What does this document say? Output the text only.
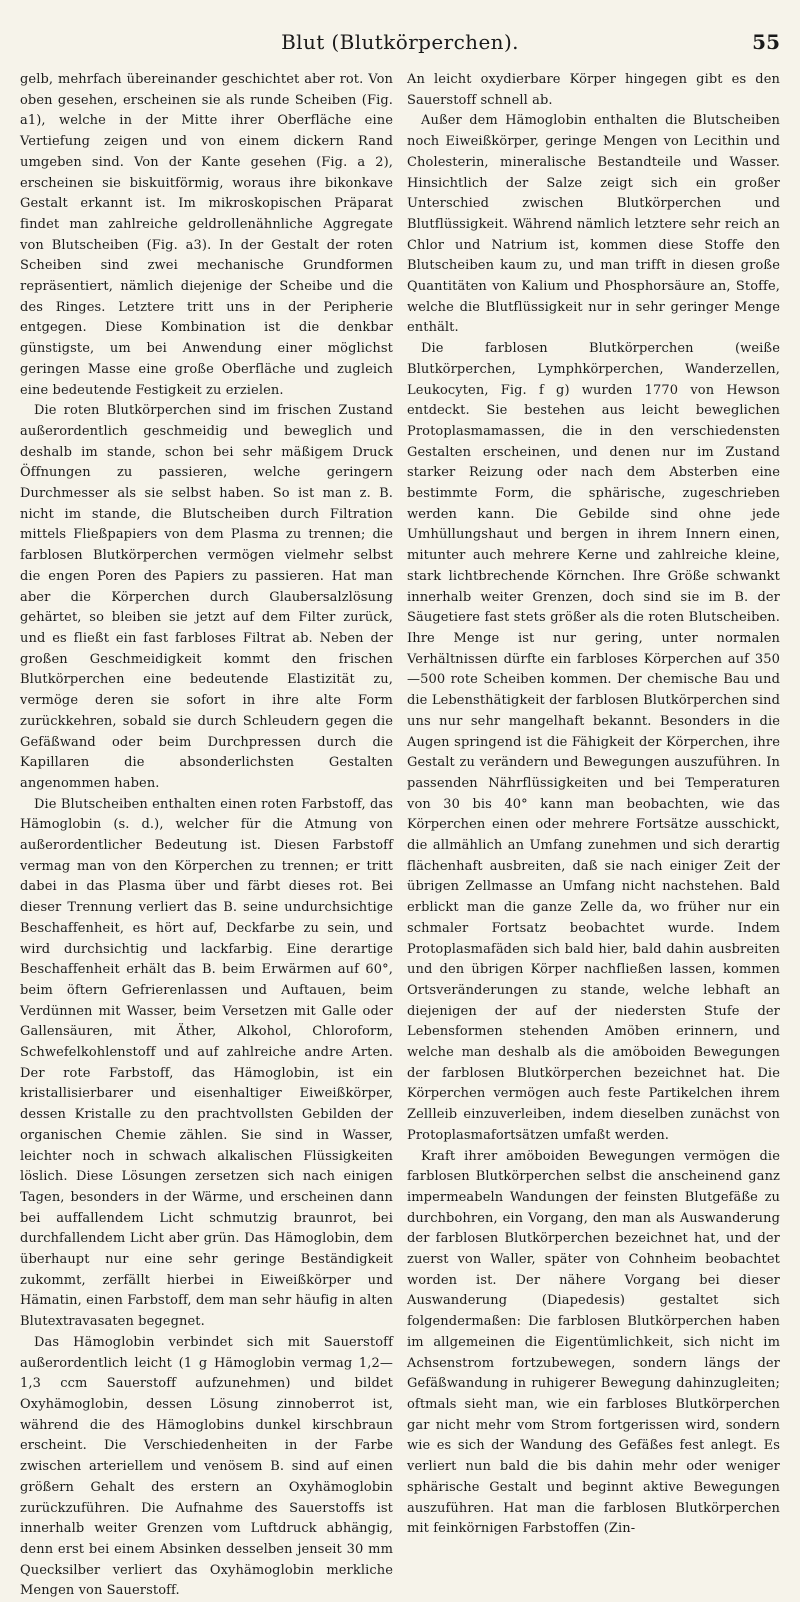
Blut (Blutkörperchen).	55

gelb, mehrfach übereinander geschichtet aber rot. Von oben gesehen, erscheinen sie als runde Scheiben (Fig. a1), welche in der Mitte ihrer Oberfläche eine Vertiefung zeigen und von einem dickern Rand umgeben sind. Von der Kante gesehen (Fig. a 2), erscheinen sie biskuitförmig, woraus ihre bikonkave Gestalt erkannt ist. Im mikroskopischen Präparat findet man zahlreiche geldrollenähnliche Aggregate von Blutscheiben (Fig. a3). In der Gestalt der roten Scheiben sind zwei mechanische Grundformen repräsentiert, nämlich diejenige der Scheibe und die des Ringes. Letztere tritt uns in der Peripherie entgegen. Diese Kombination ist die denkbar günstigste, um bei Anwendung einer möglichst geringen Masse eine große Oberfläche und zugleich eine bedeutende Festigkeit zu erzielen.

Die roten Blutkörperchen sind im frischen Zustand außerordentlich geschmeidig und beweglich und deshalb im stande, schon bei sehr mäßigem Druck Öffnungen zu passieren, welche geringern Durchmesser als sie selbst haben. So ist man z. B. nicht im stande, die Blutscheiben durch Filtration mittels Fließpapiers von dem Plasma zu trennen; die farblosen Blutkörperchen vermögen vielmehr selbst die engen Poren des Papiers zu passieren. Hat man aber die Körperchen durch Glaubersalzlösung gehärtet, so bleiben sie jetzt auf dem Filter zurück, und es fließt ein fast farbloses Filtrat ab. Neben der großen Geschmeidigkeit kommt den frischen Blutkörperchen eine bedeutende Elastizität zu, vermöge deren sie sofort in ihre alte Form zurückkehren, sobald sie durch Schleudern gegen die Gefäßwand oder beim Durchpressen durch die Kapillaren die absonderlichsten Gestalten angenommen haben.

Die Blutscheiben enthalten einen roten Farbstoff, das Hämoglobin (s. d.), welcher für die Atmung von außerordentlicher Bedeutung ist. Diesen Farbstoff vermag man von den Körperchen zu trennen; er tritt dabei in das Plasma über und färbt dieses rot. Bei dieser Trennung verliert das B. seine undurchsichtige Beschaffenheit, es hört auf, Deckfarbe zu sein, und wird durchsichtig und lackfarbig. Eine derartige Beschaffenheit erhält das B. beim Erwärmen auf 60°, beim öftern Gefrierenlassen und Auftauen, beim Verdünnen mit Wasser, beim Versetzen mit Galle oder Gallensäuren, mit Äther, Alkohol, Chloroform, Schwefelkohlenstoff und auf zahlreiche andre Arten. Der rote Farbstoff, das Hämoglobin, ist ein kristallisierbarer und eisenhaltiger Eiweißkörper, dessen Kristalle zu den prachtvollsten Gebilden der organischen Chemie zählen. Sie sind in Wasser, leichter noch in schwach alkalischen Flüssigkeiten löslich. Diese Lösungen zersetzen sich nach einigen Tagen, besonders in der Wärme, und erscheinen dann bei auffallendem Licht schmutzig braunrot, bei durchfallendem Licht aber grün. Das Hämoglobin, dem überhaupt nur eine sehr geringe Beständigkeit zukommt, zerfällt hierbei in Eiweißkörper und Hämatin, einen Farbstoff, dem man sehr häufig in alten Blutextravasaten begegnet.

Das Hämoglobin verbindet sich mit Sauerstoff außerordentlich leicht (1 g Hämoglobin vermag 1,2—1,3 ccm Sauerstoff aufzunehmen) und bildet Oxyhämoglobin, dessen Lösung zinnoberrot ist, während die des Hämoglobins dunkel kirschbraun erscheint. Die Verschiedenheiten in der Farbe zwischen arteriellem und venösem B. sind auf einen größern Gehalt des erstern an Oxyhämoglobin zurückzuführen. Die Aufnahme des Sauerstoffs ist innerhalb weiter Grenzen vom Luftdruck abhängig, denn erst bei einem Absinken desselben jenseit 30 mm Quecksilber verliert das Oxyhämoglobin merkliche Mengen von Sauerstoff.

An leicht oxydierbare Körper hingegen gibt es den Sauerstoff schnell ab.

Außer dem Hämoglobin enthalten die Blutscheiben noch Eiweißkörper, geringe Mengen von Lecithin und Cholesterin, mineralische Bestandteile und Wasser. Hinsichtlich der Salze zeigt sich ein großer Unterschied zwischen Blutkörperchen und Blutflüssigkeit. Während nämlich letztere sehr reich an Chlor und Natrium ist, kommen diese Stoffe den Blutscheiben kaum zu, und man trifft in diesen große Quantitäten von Kalium und Phosphorsäure an, Stoffe, welche die Blutflüssigkeit nur in sehr geringer Menge enthält.

Die farblosen Blutkörperchen (weiße Blutkörperchen, Lymphkörperchen, Wanderzellen, Leukocyten, Fig. f g) wurden 1770 von Hewson entdeckt. Sie bestehen aus leicht beweglichen Protoplasmamassen, die in den verschiedensten Gestalten erscheinen, und denen nur im Zustand starker Reizung oder nach dem Absterben eine bestimmte Form, die sphärische, zugeschrieben werden kann. Die Gebilde sind ohne jede Umhüllungshaut und bergen in ihrem Innern einen, mitunter auch mehrere Kerne und zahlreiche kleine, stark lichtbrechende Körnchen. Ihre Größe schwankt innerhalb weiter Grenzen, doch sind sie im B. der Säugetiere fast stets größer als die roten Blutscheiben. Ihre Menge ist nur gering, unter normalen Verhältnissen dürfte ein farbloses Körperchen auf 350—500 rote Scheiben kommen. Der chemische Bau und die Lebensthätigkeit der farblosen Blutkörperchen sind uns nur sehr mangelhaft bekannt. Besonders in die Augen springend ist die Fähigkeit der Körperchen, ihre Gestalt zu verändern und Bewegungen auszuführen. In passenden Nährflüssigkeiten und bei Temperaturen von 30 bis 40° kann man beobachten, wie das Körperchen einen oder mehrere Fortsätze ausschickt, die allmählich an Umfang zunehmen und sich derartig flächenhaft ausbreiten, daß sie nach einiger Zeit der übrigen Zellmasse an Umfang nicht nachstehen. Bald erblickt man die ganze Zelle da, wo früher nur ein schmaler Fortsatz beobachtet wurde. Indem Protoplasmafäden sich bald hier, bald dahin ausbreiten und den übrigen Körper nachfließen lassen, kommen Ortsveränderungen zu stande, welche lebhaft an diejenigen der auf der niedersten Stufe der Lebensformen stehenden Amöben erinnern, und welche man deshalb als die amöboiden Bewegungen der farblosen Blutkörperchen bezeichnet hat. Die Körperchen vermögen auch feste Partikelchen ihrem Zellleib einzuverleiben, indem dieselben zunächst von Protoplasmafortsätzen umfaßt werden.

Kraft ihrer amöboiden Bewegungen vermögen die farblosen Blutkörperchen selbst die anscheinend ganz impermeabeln Wandungen der feinsten Blutgefäße zu durchbohren, ein Vorgang, den man als Auswanderung der farblosen Blutkörperchen bezeichnet hat, und der zuerst von Waller, später von Cohnheim beobachtet worden ist. Der nähere Vorgang bei dieser Auswanderung (Diapedesis) gestaltet sich folgendermaßen: Die farblosen Blutkörperchen haben im allgemeinen die Eigentümlichkeit, sich nicht im Achsenstrom fortzubewegen, sondern längs der Gefäßwandung in ruhigerer Bewegung dahinzugleiten; oftmals sieht man, wie ein farbloses Blutkörperchen gar nicht mehr vom Strom fortgerissen wird, sondern wie es sich der Wandung des Gefäßes fest anlegt. Es verliert nun bald die bis dahin mehr oder weniger sphärische Gestalt und beginnt aktive Bewegungen auszuführen. Hat man die farblosen Blutkörperchen mit feinkörnigen Farbstoffen (Zin-
